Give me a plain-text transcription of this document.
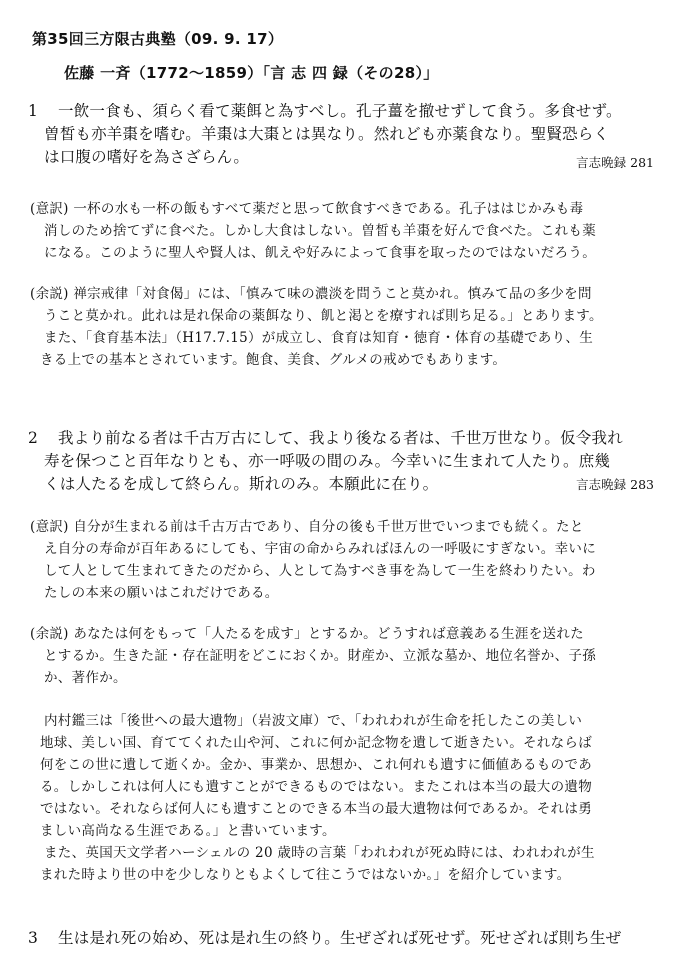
第35回三方限古典塾（09. 9. 17）
佐藤 一斉（1772〜1859）「言 志 四 録（その28）」
1 一飲一食も、須らく看て薬餌と為すべし。孔子薑を撤せずして食う。多食せず。
曽皙も亦羊棗を嗜む。羊棗は大棗とは異なり。然れども亦薬食なり。聖賢恐らく
は口腹の嗜好を為さざらん。	言志晩録 281
(意訳) 一杯の水も一杯の飯もすべて薬だと思って飲食すべきである。孔子ははじかみも毒
消しのため捨てずに食べた。しかし大食はしない。曽皙も羊棗を好んで食べた。これも薬
になる。このように聖人や賢人は、飢えや好みによって食事を取ったのではないだろう。
(余説) 禅宗戒律「対食偈」には、「慎みて味の濃淡を問うこと莫かれ。慎みて品の多少を問
うこと莫かれ。此れは是れ保命の薬餌なり、飢と渇とを療すれば則ち足る。」とあります。
また、「食育基本法」（H17.7.15）が成立し、食育は知育・徳育・体育の基礎であり、生
きる上での基本とされています。飽食、美食、グルメの戒めでもあります。
2 我より前なる者は千古万古にして、我より後なる者は、千世万世なり。仮令我れ
寿を保つこと百年なりとも、亦一呼吸の間のみ。今幸いに生まれて人たり。庶幾
くは人たるを成して終らん。斯れのみ。本願此に在り。	言志晩録 283
(意訳) 自分が生まれる前は千古万古であり、自分の後も千世万世でいつまでも続く。たと
え自分の寿命が百年あるにしても、宇宙の命からみればほんの一呼吸にすぎない。幸いに
して人として生まれてきたのだから、人として為すべき事を為して一生を終わりたい。わ
たしの本来の願いはこれだけである。
(余説) あなたは何をもって「人たるを成す」とするか。どうすれば意義ある生涯を送れた
とするか。生きた証・存在証明をどこにおくか。財産か、立派な墓か、地位名誉か、子孫
か、著作か。
内村鑑三は「後世への最大遺物」（岩波文庫）で、「われわれが生命を托したこの美しい
地球、美しい国、育ててくれた山や河、これに何か記念物を遺して逝きたい。それならば
何をこの世に遺して逝くか。金か、事業か、思想か、これ何れも遺すに価値あるものであ
る。しかしこれは何人にも遺すことができるものではない。またこれは本当の最大の遺物
ではない。それならば何人にも遺すことのできる本当の最大遺物は何であるか。それは勇
ましい高尚なる生涯である。」と書いています。
また、英国天文学者ハーシェルの 20 歳時の言葉「われわれが死ぬ時には、われわれが生
まれた時より世の中を少しなりともよくして往こうではないか。」を紹介しています。
3 生は是れ死の始め、死は是れ生の終り。生ぜざれば死せず。死せざれば則ち生ぜ
